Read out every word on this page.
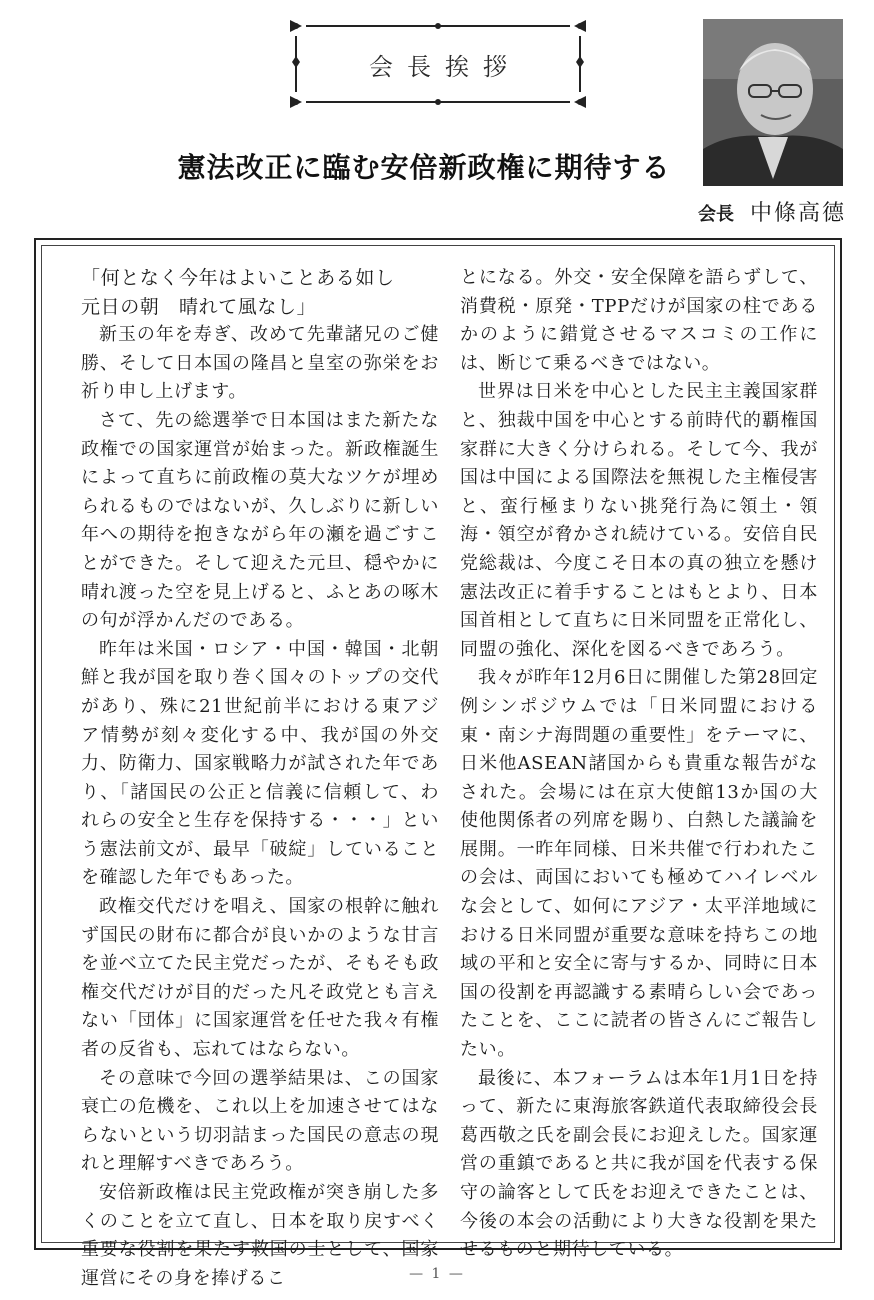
会長挨拶
憲法改正に臨む安倍新政権に期待する
会長 中條高德

「何となく今年はよいことある如し

元日の朝　晴れて風なし」

新玉の年を寿ぎ、改めて先輩諸兄のご健勝、そして日本国の隆昌と皇室の弥栄をお祈り申し上げます。

さて、先の総選挙で日本国はまた新たな政権での国家運営が始まった。新政権誕生によって直ちに前政権の莫大なツケが埋められるものではないが、久しぶりに新しい年への期待を抱きながら年の瀬を過ごすことができた。そして迎えた元旦、穏やかに晴れ渡った空を見上げると、ふとあの啄木の句が浮かんだのである。

昨年は米国・ロシア・中国・韓国・北朝鮮と我が国を取り巻く国々のトップの交代があり、殊に21世紀前半における東アジア情勢が刻々変化する中、我が国の外交力、防衛力、国家戦略力が試された年であり、「諸国民の公正と信義に信頼して、われらの安全と生存を保持する・・・」という憲法前文が、最早「破綻」していることを確認した年でもあった。

政権交代だけを唱え、国家の根幹に触れず国民の財布に都合が良いかのような甘言を並べ立てた民主党だったが、そもそも政権交代だけが目的だった凡そ政党とも言えない「団体」に国家運営を任せた我々有権者の反省も、忘れてはならない。

その意味で今回の選挙結果は、この国家衰亡の危機を、これ以上を加速させてはならないという切羽詰まった国民の意志の現れと理解すべきであろう。

安倍新政権は民主党政権が突き崩した多くのことを立て直し、日本を取り戻すべく重要な役割を果たす救国の士として、国家運営にその身を捧げるこ

とになる。外交・安全保障を語らずして、消費税・原発・TPPだけが国家の柱であるかのように錯覚させるマスコミの工作には、断じて乗るべきではない。

世界は日米を中心とした民主主義国家群と、独裁中国を中心とする前時代的覇権国家群に大きく分けられる。そして今、我が国は中国による国際法を無視した主権侵害と、蛮行極まりない挑発行為に領土・領海・領空が脅かされ続けている。安倍自民党総裁は、今度こそ日本の真の独立を懸け憲法改正に着手することはもとより、日本国首相として直ちに日米同盟を正常化し、同盟の強化、深化を図るべきであろう。

我々が昨年12月6日に開催した第28回定例シンポジウムでは「日米同盟における東・南シナ海問題の重要性」をテーマに、日米他ASEAN諸国からも貴重な報告がなされた。会場には在京大使館13か国の大使他関係者の列席を賜り、白熱した議論を展開。一昨年同様、日米共催で行われたこの会は、両国においても極めてハイレベルな会として、如何にアジア・太平洋地域における日米同盟が重要な意味を持ちこの地域の平和と安全に寄与するか、同時に日本国の役割を再認識する素晴らしい会であったことを、ここに読者の皆さんにご報告したい。

最後に、本フォーラムは本年1月1日を持って、新たに東海旅客鉄道代表取締役会長葛西敬之氏を副会長にお迎えした。国家運営の重鎮であると共に我が国を代表する保守の論客として氏をお迎えできたことは、今後の本会の活動により大きな役割を果たせるものと期待している。

— 1 —
